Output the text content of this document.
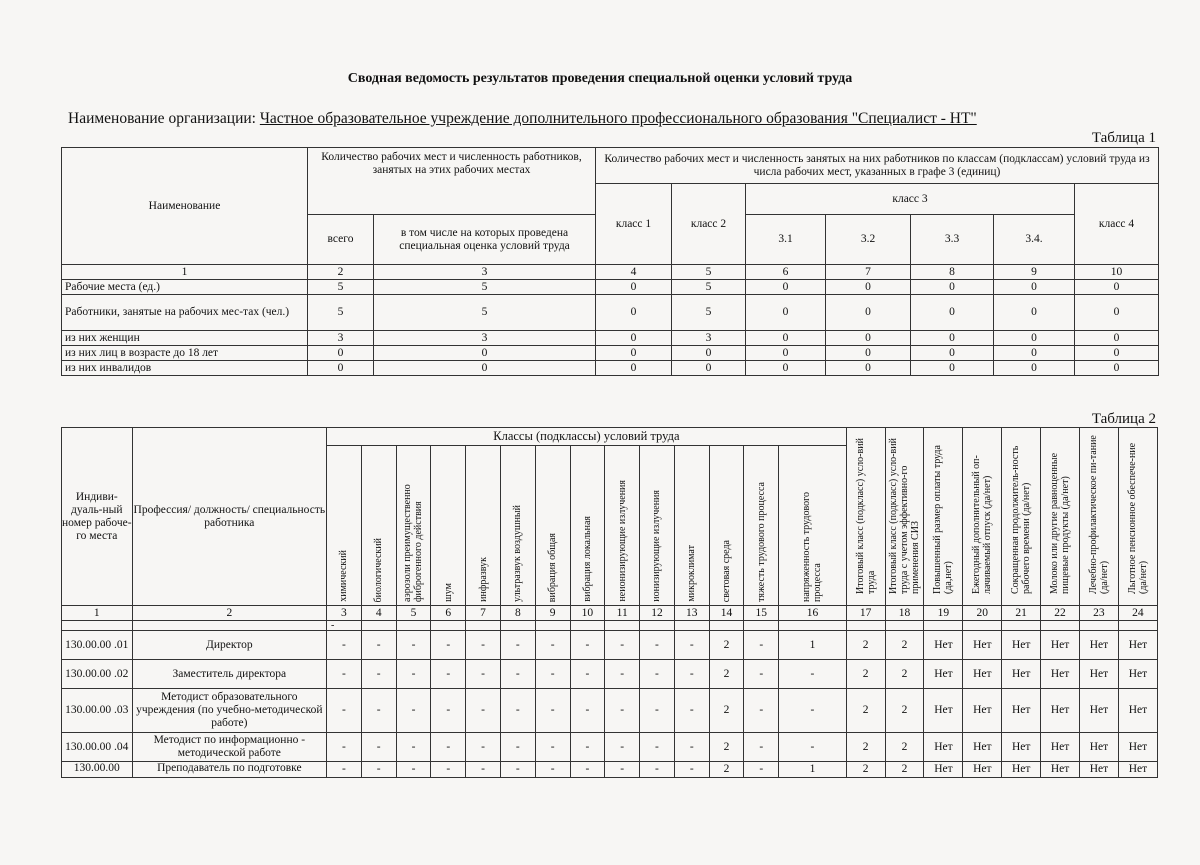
Сводная ведомость результатов проведения специальной оценки условий труда
Наименование организации: Частное образовательное учреждение дополнительного профессионального образования "Специалист - НТ"
Таблица 1
Наименование	Количество рабочих мест и численность работников, занятых на этих рабочих местах		Количество рабочих мест и численность занятых на них работников по классам (подклассам) условий труда из числа рабочих мест, указанных в графе 3 (единиц)						
			класс 1	класс 2	класс 3				класс 4
	всего	в том числе на которых проведена специальная оценка условий труда			3.1	3.2	3.3	3.4.	
1	2	3	4	5	6	7	8	9	10
Рабочие места (ед.)	5	5	0	5	0	0	0	0	0
Работники, занятые на рабочих мес-тах (чел.)	5	5	0	5	0	0	0	0	0
из них женщин	3	3	0	3	0	0	0	0	0
из них лиц в возрасте до 18 лет	0	0	0	0	0	0	0	0	0
из них инвалидов	0	0	0	0	0	0	0	0	0
Таблица 2
Индиви-дуаль-ный номер рабоче-го места	Профессия/ должность/ специальность работника	Классы (подклассы) условий труда														Итоговый класс (подкласс) усло-вий труда	Итоговый класс (подкласс) усло-вий труда с учетом эффективно-го применения СИЗ	Повышенный размер оплаты труда (да,нет)	Ежегодный дополнительный оп-лачиваемый отпуск (да/нет)	Сокращенная продолжитель-ность рабочего времени (да/нет)	Молоко или другие равноценные пищевые продукты (да/нет)	Лечебно-профилактическое пи-тание (да/нет)	Льготное пенсионное обеспече-ние (да/нет)

		химический	биологический	аэрозоли преимущественно фиброгенного действия	шум	инфразвук	ультразвук воздушный	вибрация общая	вибрация локальная	неионизирующие излучения	ионизирующие излучения	микроклимат	световая среда	тяжесть трудового процесса	напряженность трудового процесса								

1	2	3	4	5	6	7	8	9	10	11	12	13	14	15	16	17	18	19	20	21	22	23	24
		-																					
130.00.00 .01	Директор	-	-	-	-	-	-	-	-	-	-	-	2	-	1	2	2	Нет	Нет	Нет	Нет	Нет	Нет
130.00.00 .02	Заместитель директора	-	-	-	-	-	-	-	-	-	-	-	2	-	-	2	2	Нет	Нет	Нет	Нет	Нет	Нет
130.00.00 .03	Методист образовательного учреждения (по учебно-методической работе)	-	-	-	-	-	-	-	-	-	-	-	2	-	-	2	2	Нет	Нет	Нет	Нет	Нет	Нет
130.00.00 .04	Методист по информационно - методической работе	-	-	-	-	-	-	-	-	-	-	-	2	-	-	2	2	Нет	Нет	Нет	Нет	Нет	Нет
130.00.00	Преподаватель по подготовке	-	-	-	-	-	-	-	-	-	-	-	2	-	1	2	2	Нет	Нет	Нет	Нет	Нет	Нет
